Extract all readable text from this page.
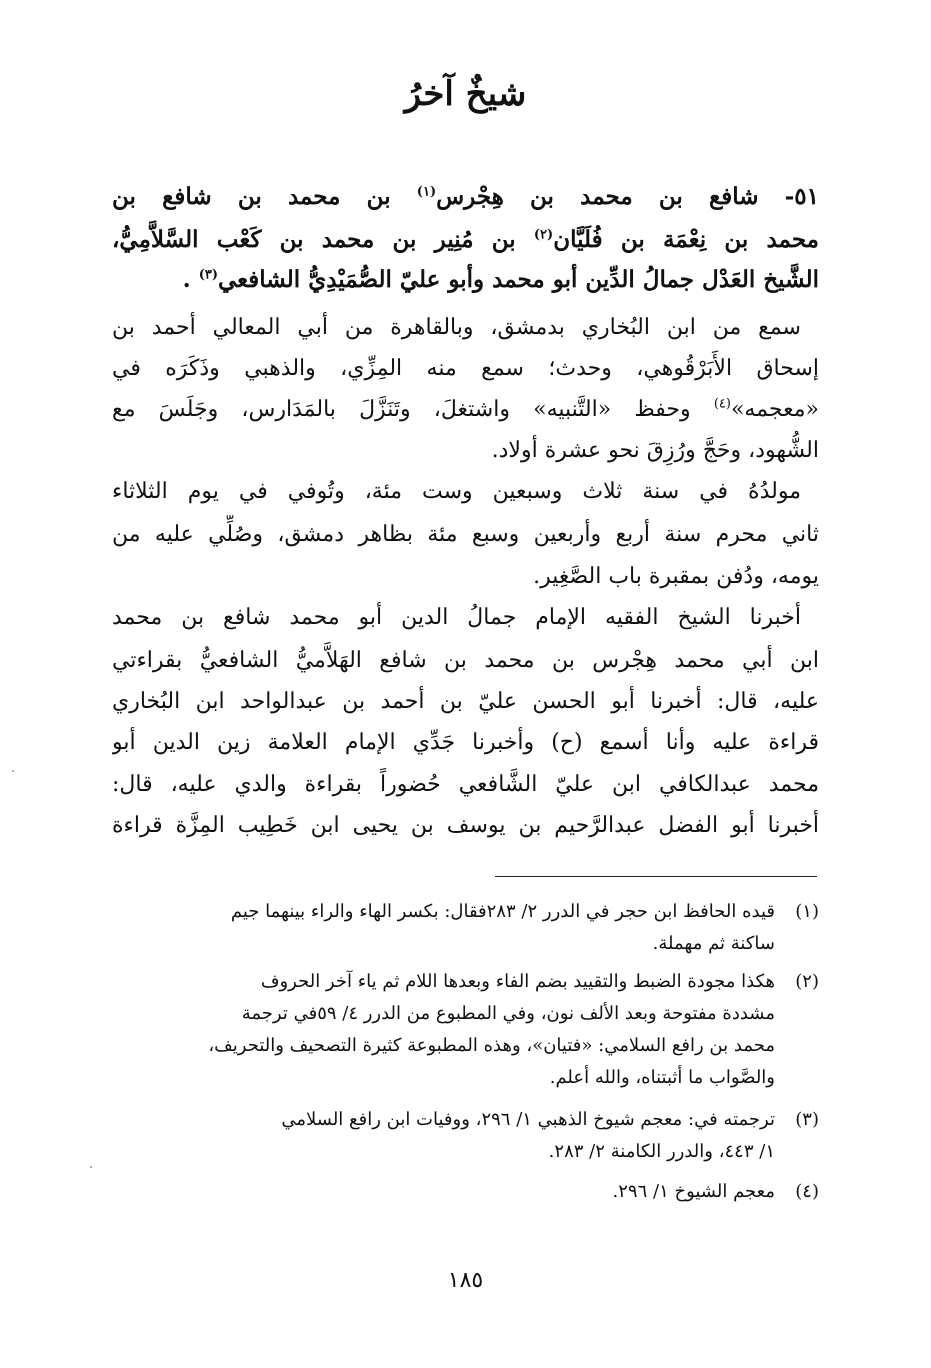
شيخٌ آخرُ
٥١- شافع بن محمد بن هِجْرس$^{(١)}$ بن محمد بن شافع بن
محمد بن نِعْمَة بن فُلَيَّان$^{(٢)}$ بن مُنِير بن محمد بن كَعْب السَّلاَّمِيُّ،
الشَّيخ العَدْل جمالُ الدِّين أبو محمد وأبو عليّ الصُّمَيْدِيُّ الشافعي$^{(٣)}$ .
سمع من ابن البُخاري بدمشق، وبالقاهرة من أبي المعالي أحمد بن
إسحاق الأَبَرْقُوهي، وحدث؛ سمع منه المِزِّي، والذهبي وذَكَرَه في
«معجمه»$^{(٤)}$ وحفظ «التَّنبيه» واشتغلَ، وتَنَزَّلَ بالمَدَارس، وجَلَسَ مع
الشُّهود، وحَجَّ ورُزِقَ نحو عشرة أولاد.
مولدُهُ في سنة ثلاث وسبعين وست مئة، وتُوفي في يوم الثلاثاء
ثاني محرم سنة أربع وأربعين وسبع مئة بظاهر دمشق، وصُلِّي عليه من
يومه، ودُفن بمقبرة باب الصَّغِير.
أخبرنا الشيخ الفقيه الإمام جمالُ الدين أبو محمد شافع بن محمد
ابن أبي محمد هِجْرس بن محمد بن شافع الهَلاَّميُّ الشافعيُّ بقراءتي
عليه، قال: أخبرنا أبو الحسن عليّ بن أحمد بن عبدالواحد ابن البُخاري
قراءة عليه وأنا أسمع (ح) وأخبرنا جَدِّي الإمام العلامة زين الدين أبو
محمد عبدالكافي ابن عليّ الشَّافعي حُضوراً بقراءة والدي عليه، قال:
أخبرنا أبو الفضل عبدالرَّحيم بن يوسف بن يحيى ابن خَطِيب المِزَّة قراءة
(١)قيده الحافظ ابن حجر في الدرر ٢/ ٢٨٣فقال: بكسر الهاء والراء بينهما جيم
ساكنة ثم مهملة.
(٢)هكذا مجودة الضبط والتقييد بضم الفاء وبعدها اللام ثم ياء آخر الحروف
مشددة مفتوحة وبعد الألف نون، وفي المطبوع من الدرر ٤/ ٥٩في ترجمة
محمد بن رافع السلامي: «فتيان»، وهذه المطبوعة كثيرة التصحيف والتحريف،
والصَّواب ما أثبتناه، والله أعلم.
(٣)ترجمته في: معجم شيوخ الذهبي ١/ ٢٩٦، ووفيات ابن رافع السلامي
١/ ٤٤٣، والدرر الكامنة ٢/ ٢٨٣.
(٤)معجم الشيوخ ١/ ٢٩٦.
١٨٥
